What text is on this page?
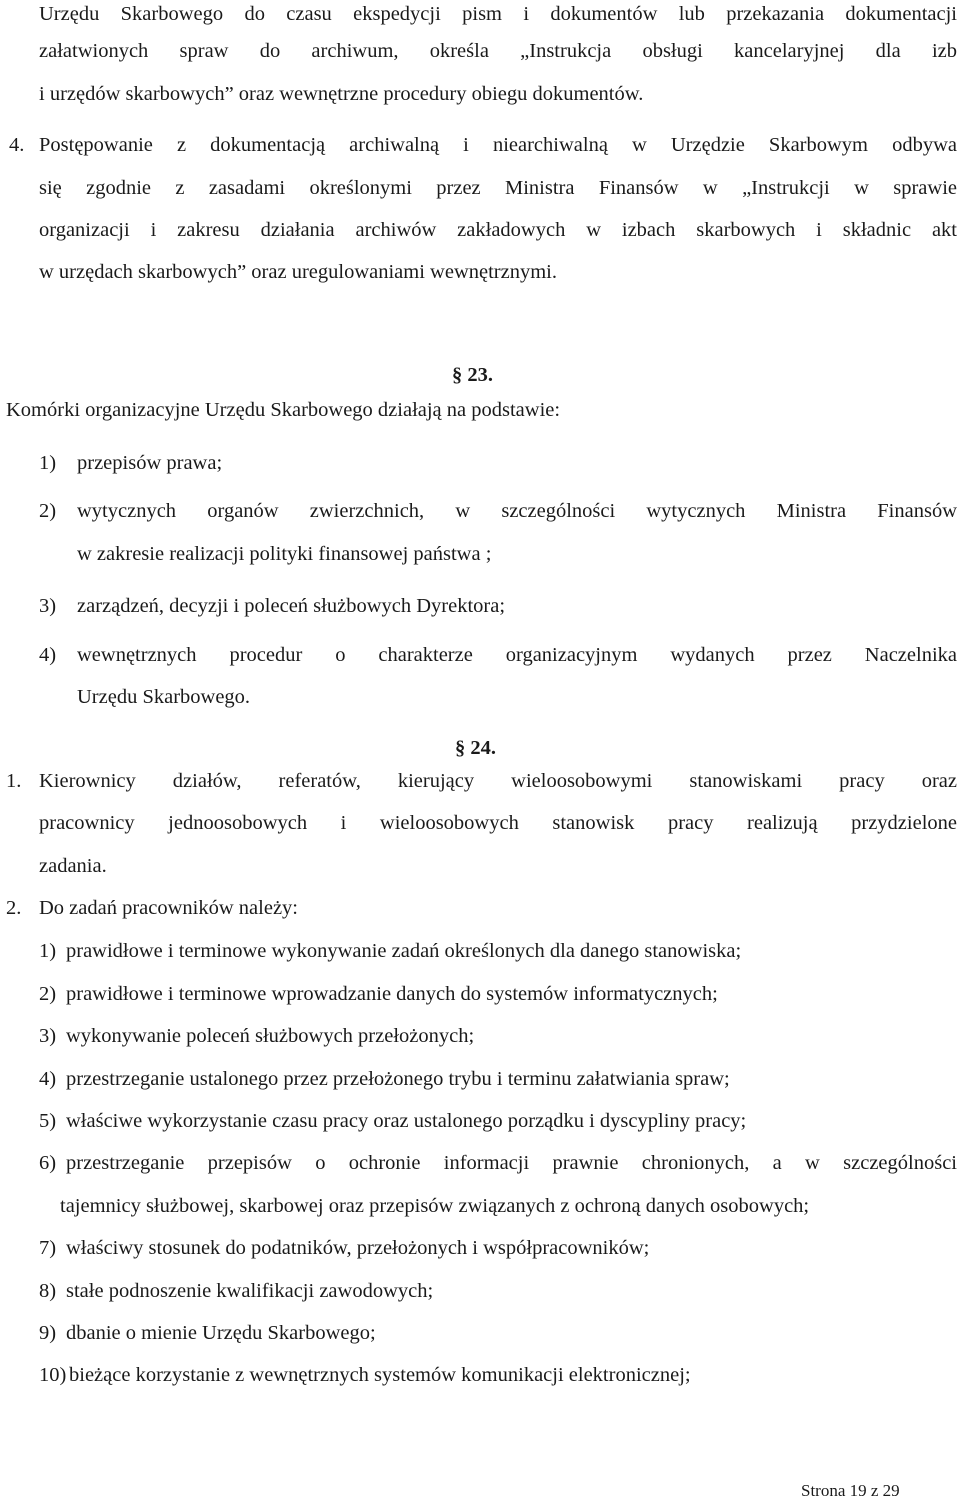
Urzędu Skarbowego do czasu ekspedycji pism i dokumentów lub przekazania dokumentacji
załatwionych spraw do archiwum, określa „Instrukcja obsługi kancelaryjnej dla izb
i urzędów skarbowych” oraz wewnętrzne procedury obiegu dokumentów.
4. Postępowanie z dokumentacją archiwalną i niearchiwalną w Urzędzie Skarbowym odbywa
się zgodnie z zasadami określonymi przez Ministra Finansów w „Instrukcji w sprawie
organizacji i zakresu działania archiwów zakładowych w izbach skarbowych i składnic akt
w urzędach skarbowych” oraz uregulowaniami wewnętrznymi.
§ 23.
Komórki organizacyjne Urzędu Skarbowego działają na podstawie:
1) przepisów prawa;
2) wytycznych organów zwierzchnich, w szczególności wytycznych Ministra Finansów
w zakresie realizacji polityki finansowej państwa ;
3) zarządzeń, decyzji i poleceń służbowych Dyrektora;
4) wewnętrznych procedur o charakterze organizacyjnym wydanych przez Naczelnika
Urzędu Skarbowego.
§ 24.
1. Kierownicy działów, referatów, kierujący wieloosobowymi stanowiskami pracy oraz
pracownicy jednoosobowych i wieloosobowych stanowisk pracy realizują przydzielone
zadania.
2. Do zadań pracowników należy:
1) prawidłowe i terminowe wykonywanie zadań określonych dla danego stanowiska;
2) prawidłowe i terminowe wprowadzanie danych do systemów informatycznych;
3) wykonywanie poleceń służbowych przełożonych;
4) przestrzeganie ustalonego przez przełożonego trybu i terminu załatwiania spraw;
5) właściwe wykorzystanie czasu pracy oraz ustalonego porządku i dyscypliny pracy;
6) przestrzeganie przepisów o ochronie informacji prawnie chronionych, a w szczególności
tajemnicy służbowej, skarbowej oraz przepisów związanych z ochroną danych osobowych;
7) właściwy stosunek do podatników, przełożonych i współpracowników;
8) stałe podnoszenie kwalifikacji zawodowych;
9) dbanie o mienie Urzędu Skarbowego;
10) bieżące korzystanie z wewnętrznych systemów komunikacji elektronicznej;
Strona 19 z 29
